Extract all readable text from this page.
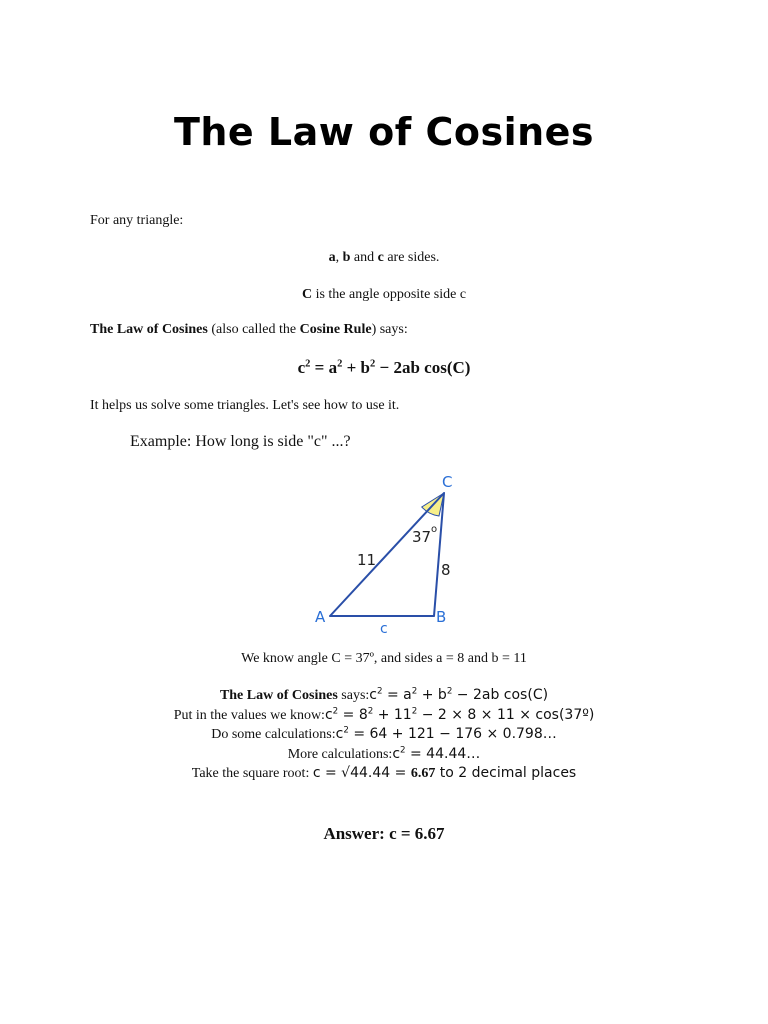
The Law of Cosines
For any triangle:
a, b and c are sides.
C is the angle opposite side c
The Law of Cosines (also called the Cosine Rule) says:
$c^2 = a^2 + b^2 - 2ab$ cos(C)
It helps us solve some triangles. Let's see how to use it.
Example: How long is side "c" ...?
C
A	B
c
11
8
37 o
We know angle C = 37º, and sides a = 8 and b = 11
The Law of Cosines $says:c^2 = a^2 + b^2 - 2ab$ cos(C)
Put in the values we $know:c^2 = 8^2 + 11^2 - 2 \times 8 \times 11$ × cos(37º)
Do some $calculations:c^2 = 64 + 121 - 176$ × 0.798…
More $calculations:c^2$ = 44.44…
Take the square root: c = √44.44 = 6.67 to 2 decimal places
Answer: c = 6.67
